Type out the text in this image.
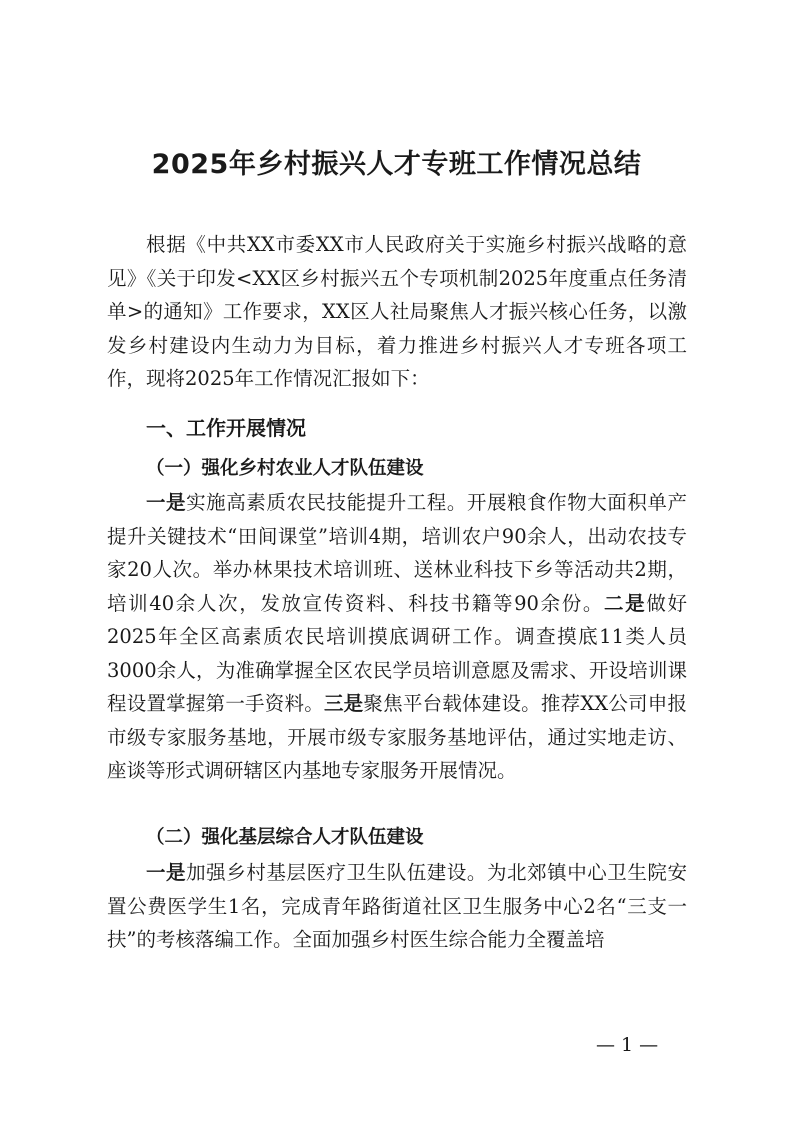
2025年乡村振兴人才专班工作情况总结

根据《中共XX市委XX市人民政府关于实施乡村振兴战略的意见》《关于印发<XX区乡村振兴五个专项机制2025年度重点任务清单>的通知》工作要求，XX区人社局聚焦人才振兴核心任务，以激发乡村建设内生动力为目标，着力推进乡村振兴人才专班各项工作，现将2025年工作情况汇报如下：

一、工作开展情况
（一）强化乡村农业人才队伍建设

一是实施高素质农民技能提升工程。开展粮食作物大面积单产提升关键技术“田间课堂”培训4期，培训农户90余人，出动农技专家20人次。举办林果技术培训班、送林业科技下乡等活动共2期，培训40余人次，发放宣传资料、科技书籍等90余份。二是做好2025年全区高素质农民培训摸底调研工作。调查摸底11类人员3000余人，为准确掌握全区农民学员培训意愿及需求、开设培训课程设置掌握第一手资料。三是聚焦平台载体建设。推荐XX公司申报市级专家服务基地，开展市级专家服务基地评估，通过实地走访、座谈等形式调研辖区内基地专家服务开展情况。

（二）强化基层综合人才队伍建设

一是加强乡村基层医疗卫生队伍建设。为北郊镇中心卫生院安置公费医学生1名，完成青年路街道社区卫生服务中心2名“三支一扶”的考核落编工作。全面加强乡村医生综合能力全覆盖培

— 1 —
